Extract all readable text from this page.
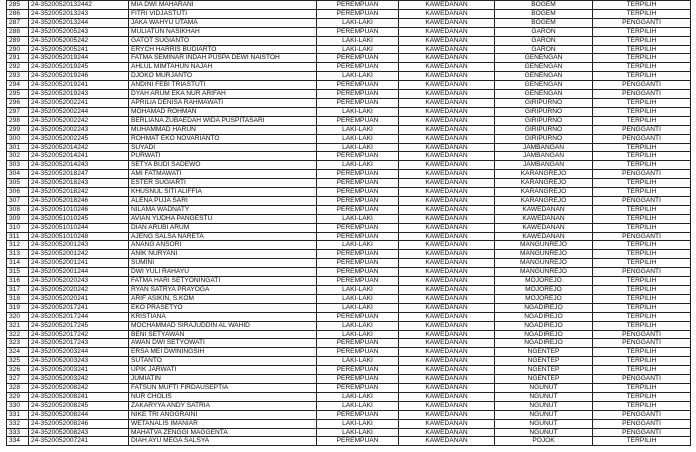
285	24-35200520132442	MIA DWI MAHARANI	PEREMPUAN	KAWEDANAN	BOGEM	TERPILIH
286	24-3520052013243	FITRI VIDJASTUTI	PEREMPUAN	KAWEDANAN	BOGEM	TERPILIH
287	24-3520052013244	JAKA WAHYU UTAMA	LAKI-LAKI	KAWEDANAN	BOGEM	PENGGANTI
288	24-3520052005243	MULIATUN NASIKHAH	PEREMPUAN	KAWEDANAN	GARON	TERPILIH
289	24-3520052005242	GATOT SUGIANTO	LAKI-LAKI	KAWEDANAN	GARON	TERPILIH
290	24-3520052005241	ERYCH HARRIS BUDIARTO	LAKI-LAKI	KAWEDANAN	GARON	TERPILIH
291	24-3520052019244	FATMA SEMINAR INDAH PUSPA DEWI NAISTOH	PEREMPUAN	KAWEDANAN	GENENGAN	TERPILIH
292	24-3520052019245	AHLUL MIMTAHUN NAJAH	PEREMPUAN	KAWEDANAN	GENENGAN	TERPILIH
293	24-3520052019246	DJOKO MURJANTO	LAKI-LAKI	KAWEDANAN	GENENGAN	TERPILIH
294	24-3520052019241	ANDINI FEBI TRIASTUTI	PEREMPUAN	KAWEDANAN	GENENGAN	PENGGANTI
295	24-3520052019243	DYAH ARUM EKA NUR ARIFAH	PEREMPUAN	KAWEDANAN	GENENGAN	PENGGANTI
296	24-3520052002241	APRILIA DENISA RAHMAWATI	PEREMPUAN	KAWEDANAN	GIRIPURNO	TERPILIH
297	24-3520052002244	MOHAMAD ROHMAN	LAKI-LAKI	KAWEDANAN	GIRIPURNO	TERPILIH
298	24-3520052002242	BERLIANA ZUBAEDAH WIDA PUSPITASARI	PEREMPUAN	KAWEDANAN	GIRIPURNO	TERPILIH
299	24-3520052002243	MUHAMMAD HARUN	LAKI-LAKI	KAWEDANAN	GIRIPURNO	PENGGANTI
300	24-3520052002245	ROHMAT EKO NOVARIANTO	LAKI-LAKI	KAWEDANAN	GIRIPURNO	PENGGANTI
301	24-3520052014242	SUYADI	LAKI-LAKI	KAWEDANAN	JAMBANGAN	TERPILIH
302	24-3520052014241	PURWATI	PEREMPUAN	KAWEDANAN	JAMBANGAN	TERPILIH
303	24-3520052014243	SETYA BUDI SADEWO	LAKI-LAKI	KAWEDANAN	JAMBANGAN	TERPILIH
304	24-3520052018247	AMI FATMAWATI	PEREMPUAN	KAWEDANAN	KARANGREJO	PENGGANTI
305	24-3520052018243	ESTER SUGIARTI	PEREMPUAN	KAWEDANAN	KARANGREJO	TERPILIH
306	24-3520052018242	KHUSNUL SITI ALIFFIA	PEREMPUAN	KAWEDANAN	KARANGREJO	TERPILIH
307	24-3520052018246	ALENA PUJA SARI	PEREMPUAN	KAWEDANAN	KARANGREJO	PENGGANTI
308	24-3520051010246	NILAMA WADNATY	PEREMPUAN	KAWEDANAN	KAWEDANAN	TERPILIH
309	24-3520051010245	AVIAN YUDHA PANGESTU	LAKI-LAKI	KAWEDANAN	KAWEDANAN	TERPILIH
310	24-3520051010244	DIAN ARUBI ARUM	PEREMPUAN	KAWEDANAN	KAWEDANAN	TERPILIH
311	24-3520051010248	AJENG SALSA NARETA	PEREMPUAN	KAWEDANAN	KAWEDANAN	PENGGANTI
312	24-3520052001243	ANANG ANSORI	LAKI-LAKI	KAWEDANAN	MANGUNREJO	TERPILIH
313	24-3520052001242	ANIK NURYANI	PEREMPUAN	KAWEDANAN	MANGUNREJO	TERPILIH
314	24-3520052001241	SUMINI	PEREMPUAN	KAWEDANAN	MANGUNREJO	TERPILIH
315	24-3520052001244	DWI YULI RAHAYU	PEREMPUAN	KAWEDANAN	MANGUNREJO	PENGGANTI
316	24-3520052020243	FATMA HARI SETYONINGATI	PEREMPUAN	KAWEDANAN	MOJOREJO	TERPILIH
317	24-3520052020242	RYAN SATRYA PRAYOGA	LAKI-LAKI	KAWEDANAN	MOJOREJO	TERPILIH
318	24-3520052020241	ARIF ASIKIN, S.KOM	LAKI-LAKI	KAWEDANAN	MOJOREJO	TERPILIH
319	24-3520052017241	EKO PRASETYO	LAKI-LAKI	KAWEDANAN	NGADIREJO	TERPILIH
320	24-3520052017244	KRISTIANA	PEREMPUAN	KAWEDANAN	NGADIREJO	TERPILIH
321	24-3520052017245	MOCHAMMAD SIRAJUDDIN AL WAHID	LAKI-LAKI	KAWEDANAN	NGADIREJO	TERPILIH
322	24-3520052017242	BENI SETYAWAN	LAKI-LAKI	KAWEDANAN	NGADIREJO	PENGGANTI
323	24-3520052017243	AWAN DWI SETYOWATI	PEREMPUAN	KAWEDANAN	NGADIREJO	PENGGANTI
324	24-3520052003244	ERSA MEI DWININGSIH	PEREMPUAN	KAWEDANAN	NGENTEP	TERPILIH
325	24-3520052003243	SUTANTO	LAKI-LAKI	KAWEDANAN	NGENTEP	TERPILIH
326	24-3520052003241	UPIK JARWATI	PEREMPUAN	KAWEDANAN	NGENTEP	TERPILIH
327	24-3520052003242	JUMIATIN	PEREMPUAN	KAWEDANAN	NGENTEP	PENGGANTI
328	24-3520052008242	FATSUN MUFTI FIRDAUSEPTIA	PEREMPUAN	KAWEDANAN	NGUNUT	TERPILIH
329	24-3520052008241	NUR CHOLIS	LAKI-LAKI	KAWEDANAN	NGUNUT	TERPILIH
330	24-3520052008245	ZAKARYYA ANDY SATRIA	LAKI-LAKI	KAWEDANAN	NGUNUT	TERPILIH
331	24-3520052008244	NIKE TRI ANGGRAINI	PEREMPUAN	KAWEDANAN	NGUNUT	PENGGANTI
332	24-3520052008246	WETANALIS IMANIAR	LAKI-LAKI	KAWEDANAN	NGUNUT	PENGGANTI
333	24-3520052008243	MAHATVA ZENGGI MAGGENTA	LAKI-LAKI	KAWEDANAN	NGUNUT	PENGGANTI
334	24-3520052007241	DIAH AYU MEGA SALSYA	PEREMPUAN	KAWEDANAN	POJOK	TERPILIH
